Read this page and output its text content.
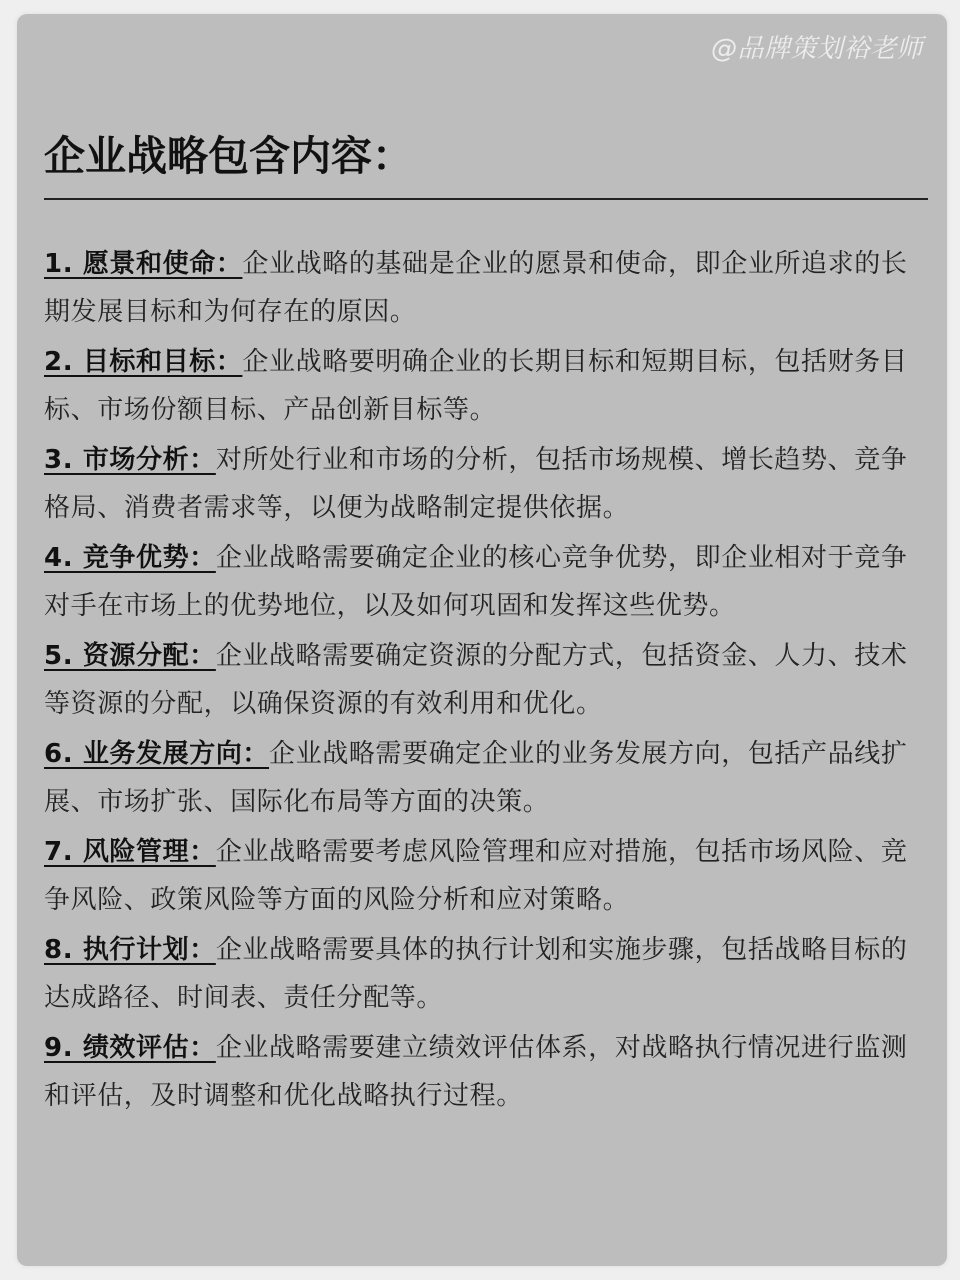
@品牌策划裕老师
企业战略包含内容：

1. 愿景和使命：企业战略的基础是企业的愿景和使命，即企业所追求的长期发展目标和为何存在的原因。

2. 目标和目标：企业战略要明确企业的长期目标和短期目标，包括财务目标、市场份额目标、产品创新目标等。

3. 市场分析：对所处行业和市场的分析，包括市场规模、增长趋势、竞争格局、消费者需求等，以便为战略制定提供依据。

4. 竞争优势：企业战略需要确定企业的核心竞争优势，即企业相对于竞争对手在市场上的优势地位，以及如何巩固和发挥这些优势。

5. 资源分配：企业战略需要确定资源的分配方式，包括资金、人力、技术等资源的分配，以确保资源的有效利用和优化。

6. 业务发展方向：企业战略需要确定企业的业务发展方向，包括产品线扩展、市场扩张、国际化布局等方面的决策。

7. 风险管理：企业战略需要考虑风险管理和应对措施，包括市场风险、竞争风险、政策风险等方面的风险分析和应对策略。

8. 执行计划：企业战略需要具体的执行计划和实施步骤，包括战略目标的达成路径、时间表、责任分配等。

9. 绩效评估：企业战略需要建立绩效评估体系，对战略执行情况进行监测和评估，及时调整和优化战略执行过程。
